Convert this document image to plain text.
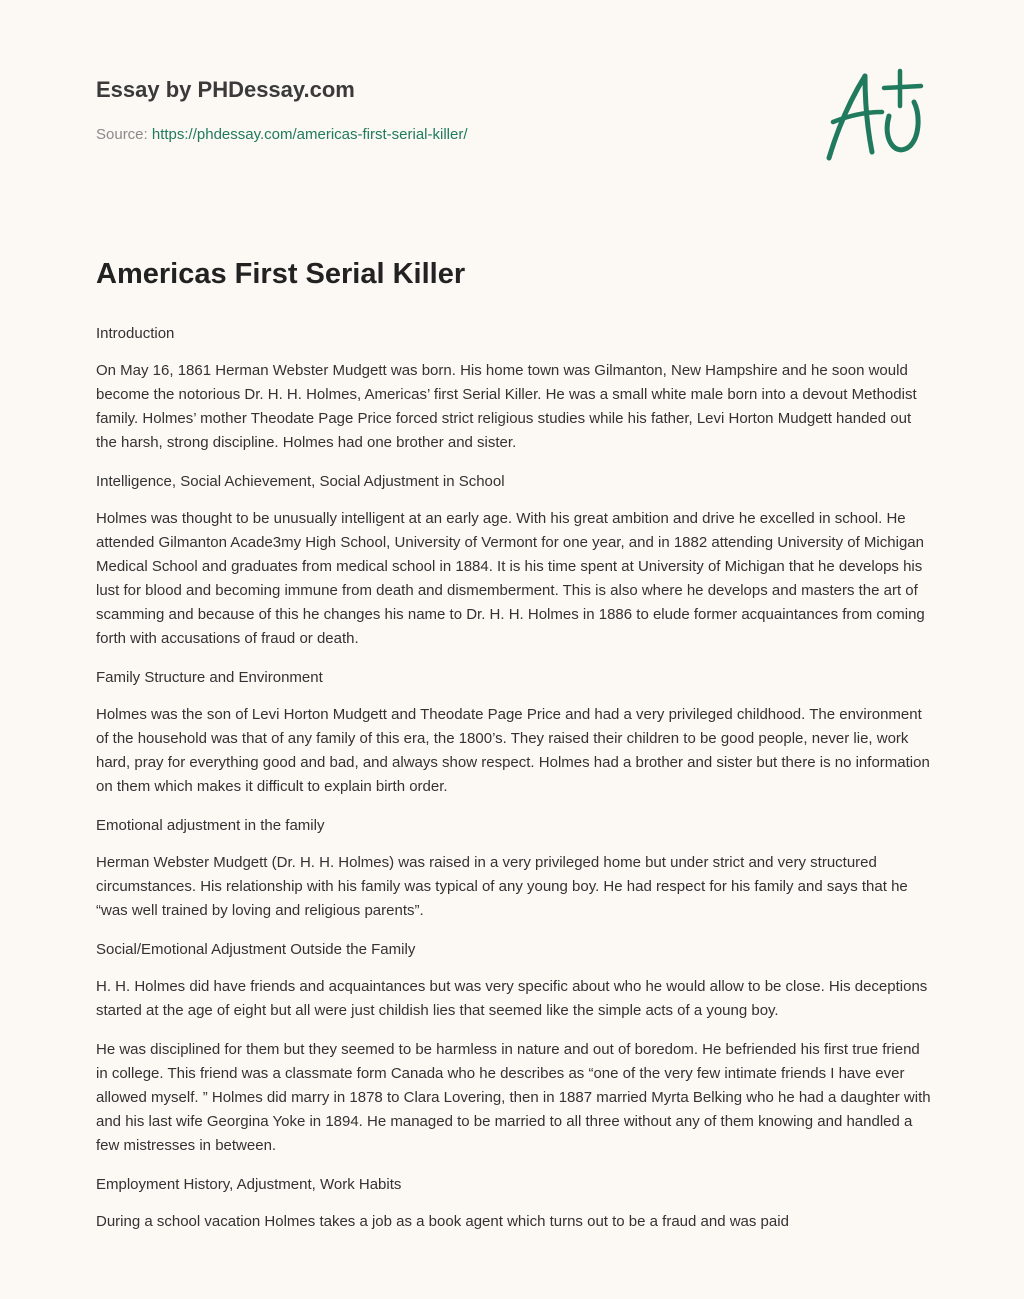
Essay by PHDessay.com

Source: https://phdessay.com/americas-first-serial-killer/
Americas First Serial Killer

Introduction

On May 16, 1861 Herman Webster Mudgett was born. His home town was Gilmanton, New Hampshire and he soon would become the notorious Dr. H. H. Holmes, Americas’ first Serial Killer. He was a small white male born into a devout Methodist family. Holmes’ mother Theodate Page Price forced strict religious studies while his father, Levi Horton Mudgett handed out the harsh, strong discipline. Holmes had one brother and sister.

Intelligence, Social Achievement, Social Adjustment in School

Holmes was thought to be unusually intelligent at an early age. With his great ambition and drive he excelled in school. He attended Gilmanton Acade3my High School, University of Vermont for one year, and in 1882 attending University of Michigan Medical School and graduates from medical school in 1884. It is his time spent at University of Michigan that he develops his lust for blood and becoming immune from death and dismemberment. This is also where he develops and masters the art of scamming and because of this he changes his name to Dr. H. H. Holmes in 1886 to elude former acquaintances from coming forth with accusations of fraud or death.

Family Structure and Environment

Holmes was the son of Levi Horton Mudgett and Theodate Page Price and had a very privileged childhood. The environment of the household was that of any family of this era, the 1800’s. They raised their children to be good people, never lie, work hard, pray for everything good and bad, and always show respect. Holmes had a brother and sister but there is no information on them which makes it difficult to explain birth order.

Emotional adjustment in the family

Herman Webster Mudgett (Dr. H. H. Holmes) was raised in a very privileged home but under strict and very structured circumstances. His relationship with his family was typical of any young boy. He had respect for his family and says that he “was well trained by loving and religious parents”.

Social/Emotional Adjustment Outside the Family

H. H. Holmes did have friends and acquaintances but was very specific about who he would allow to be close. His deceptions started at the age of eight but all were just childish lies that seemed like the simple acts of a young boy.

He was disciplined for them but they seemed to be harmless in nature and out of boredom. He befriended his first true friend in college. This friend was a classmate form Canada who he describes as “one of the very few intimate friends I have ever allowed myself. ” Holmes did marry in 1878 to Clara Lovering, then in 1887 married Myrta Belking who he had a daughter with and his last wife Georgina Yoke in 1894. He managed to be married to all three without any of them knowing and handled a few mistresses in between.

Employment History, Adjustment, Work Habits

During a school vacation Holmes takes a job as a book agent which turns out to be a fraud and was paid
